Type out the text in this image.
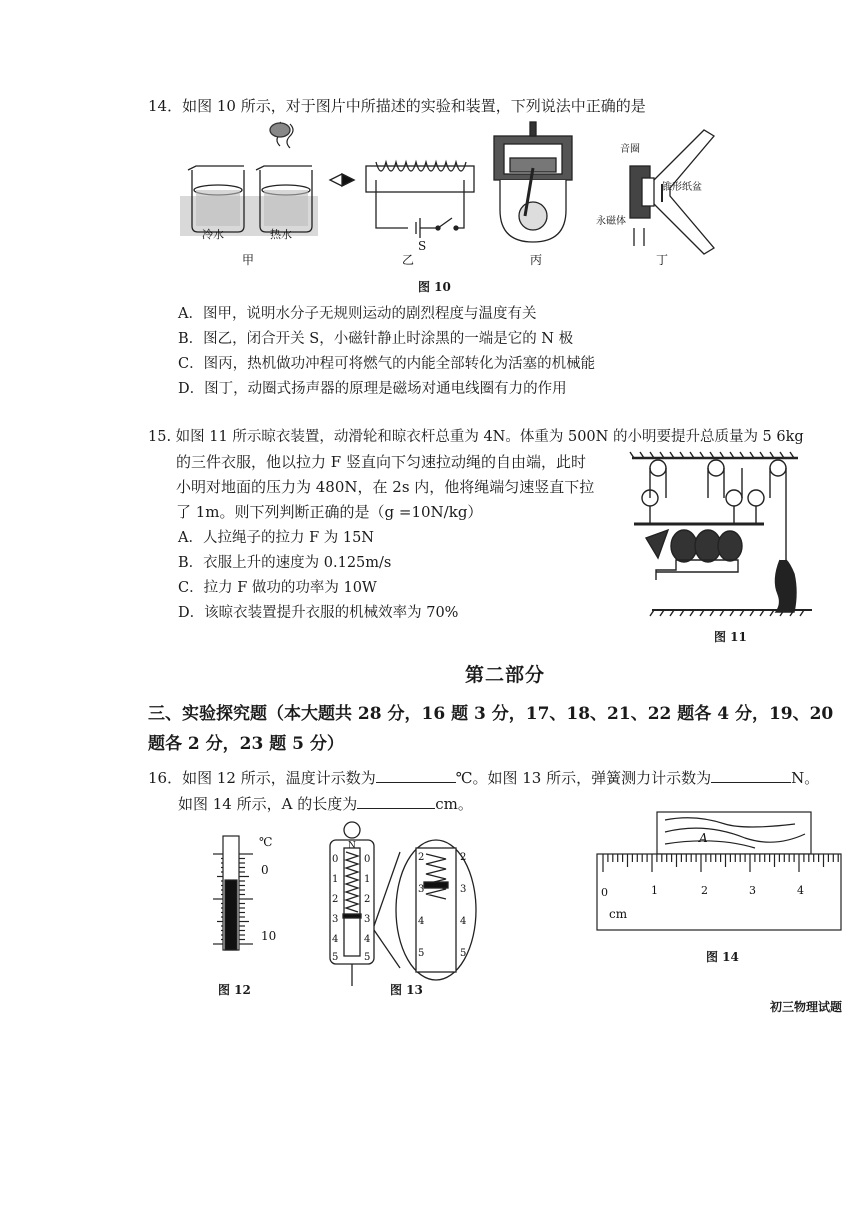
14．如图 10 所示，对于图片中所描述的实验和装置，下列说法中正确的是
冷水	热水
S
音圈
锥形纸盆
永磁体
甲	乙	丙	丁
图 10
A．图甲，说明水分子无规则运动的剧烈程度与温度有关
B．图乙，闭合开关 S，小磁针静止时涂黑的一端是它的 N 极
C．图丙，热机做功冲程可将燃气的内能全部转化为活塞的机械能
D．图丁，动圈式扬声器的原理是磁场对通电线圈有力的作用
15. 如图 11 所示晾衣装置，动滑轮和晾衣杆总重为 4N。体重为 500N 的小明要提升总质量为 5 6kg
的三件衣服，他以拉力 F 竖直向下匀速拉动绳的自由端，此时
小明对地面的压力为 480N，在 2s 内，他将绳端匀速竖直下拉
了 1m。则下列判断正确的是（g =10N/kg）
A．人拉绳子的拉力 F 为 15N
B．衣服上升的速度为 0.125m/s
C．拉力 F 做功的功率为 10W
D．该晾衣装置提升衣服的机械效率为 70%
图 11
第二部分
三、实验探究题（本大题共 28 分，16 题 3 分，17、18、21、22 题各 4 分，19、20
题各 2 分，23 题 5 分）
16．如图 12 所示，温度计示数为	℃。如图 13 所示，弹簧测力计示数为	N。
如图 14 所示，A 的长度为	cm。
℃
0
10
图 12
N
0
1
2
3
4
5
0
1
2
3
4
5
2
3
4
5
2
3
4
5
图 13
A
0	1	2	3	4
cm
图 14
初三物理试题
